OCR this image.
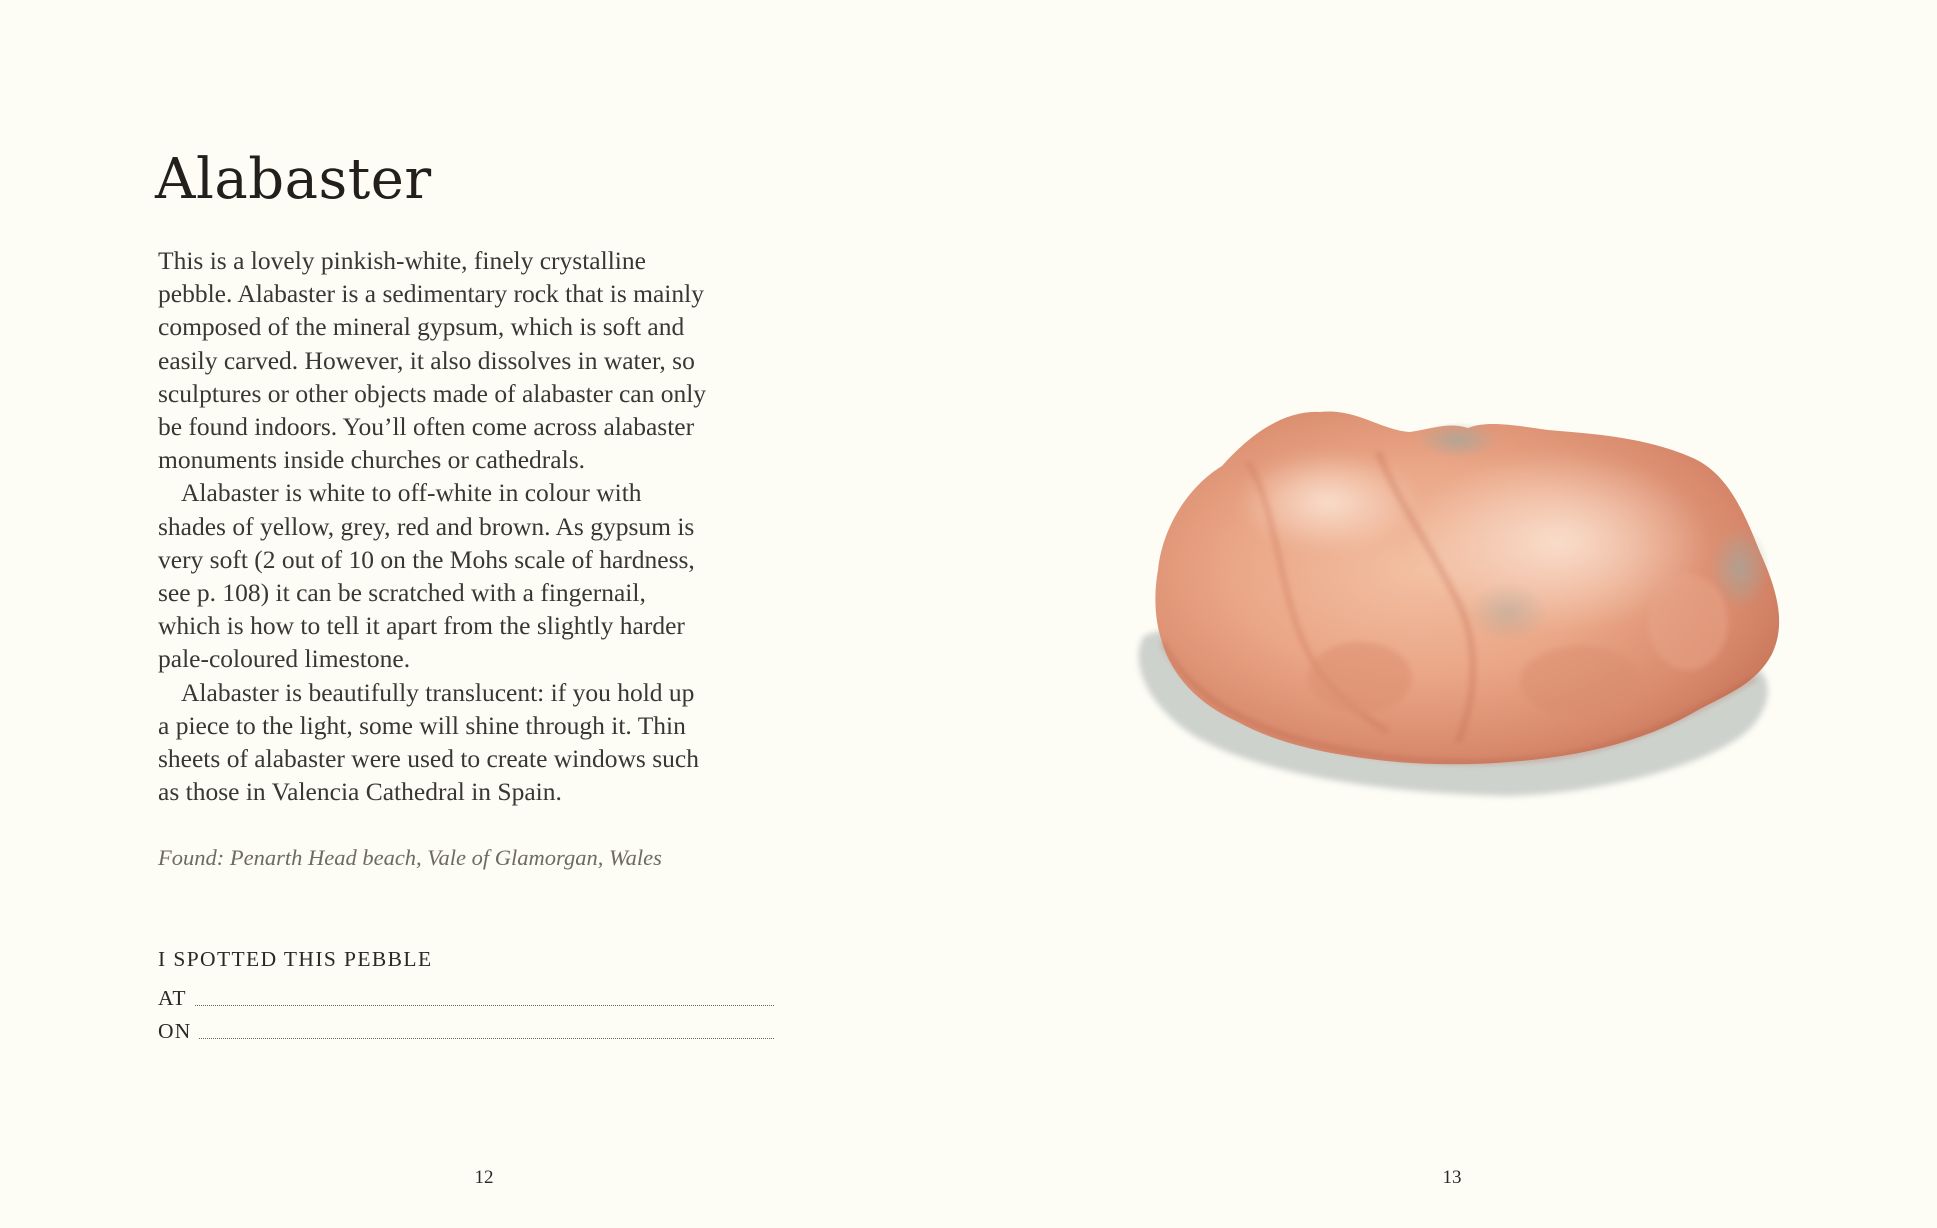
Alabaster
This is a lovely pinkish-white, finely crystalline
pebble. Alabaster is a sedimentary rock that is mainly
composed of the mineral gypsum, which is soft and
easily carved. However, it also dissolves in water, so
sculptures or other objects made of alabaster can only
be found indoors. You’ll often come across alabaster
monuments inside churches or cathedrals.
Alabaster is white to off-white in colour with
shades of yellow, grey, red and brown. As gypsum is
very soft (2 out of 10 on the Mohs scale of hardness,
see p. 108) it can be scratched with a fingernail,
which is how to tell it apart from the slightly harder
pale-coloured limestone.
Alabaster is beautifully translucent: if you hold up
a piece to the light, some will shine through it. Thin
sheets of alabaster were used to create windows such
as those in Valencia Cathedral in Spain.
Found: Penarth Head beach, Vale of Glamorgan, Wales
I SPOTTED THIS PEBBLE
AT
ON
12	13
